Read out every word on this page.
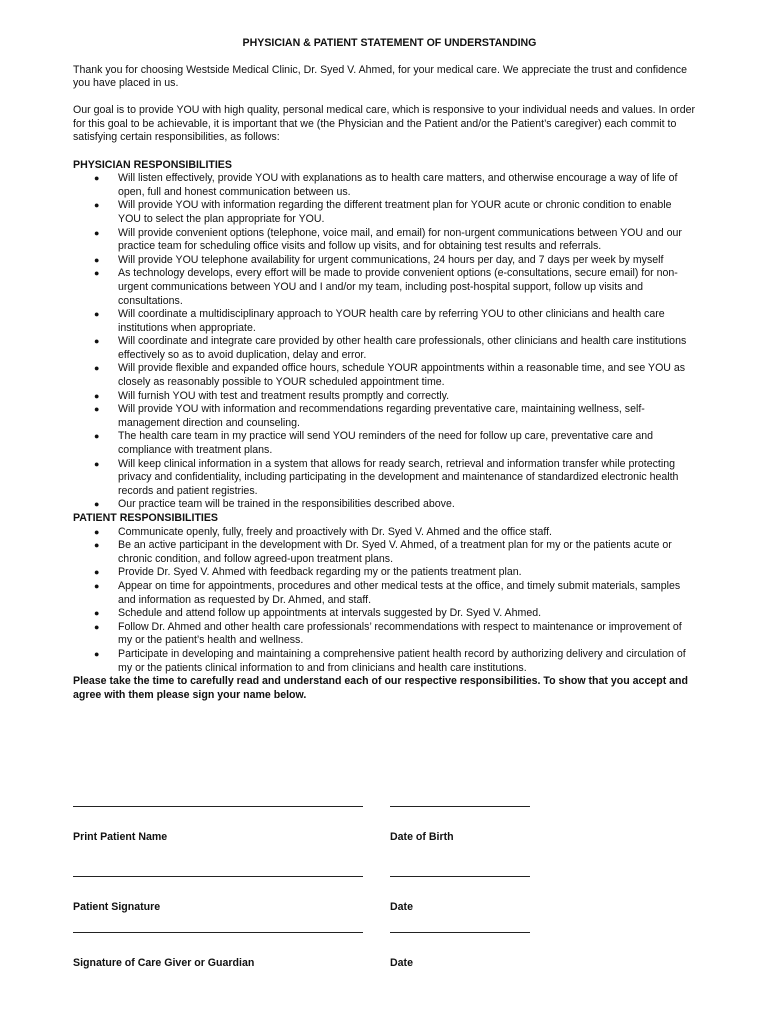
PHYSICIAN & PATIENT STATEMENT OF UNDERSTANDING

Thank you for choosing Westside Medical Clinic, Dr. Syed V. Ahmed, for your medical care. We appreciate the trust and confidence you have placed in us.

Our goal is to provide YOU with high quality, personal medical care, which is responsive to your individual needs and values. In order for this goal to be achievable, it is important that we (the Physician and the Patient and/or the Patient’s caregiver) each commit to satisfying certain responsibilities, as follows:

PHYSICIAN RESPONSIBILITIES
● Will listen effectively, provide YOU with explanations as to health care matters, and otherwise encourage a way of life of open, full and honest communication between us.
● Will provide YOU with information regarding the different treatment plan for YOUR acute or chronic condition to enable YOU to select the plan appropriate for YOU.
● Will provide convenient options (telephone, voice mail, and email) for non-urgent communications between YOU and our practice team for scheduling office visits and follow up visits, and for obtaining test results and referrals.
● Will provide YOU telephone availability for urgent communications, 24 hours per day, and 7 days per week by myself
● As technology develops, every effort will be made to provide convenient options (e-consultations, secure email) for non-urgent communications between YOU and I and/or my team, including post-hospital support, follow up visits and consultations.
● Will coordinate a multidisciplinary approach to YOUR health care by referring YOU to other clinicians and health care institutions when appropriate.
● Will coordinate and integrate care provided by other health care professionals, other clinicians and health care institutions effectively so as to avoid duplication, delay and error.
● Will provide flexible and expanded office hours, schedule YOUR appointments within a reasonable time, and see YOU as closely as reasonably possible to YOUR scheduled appointment time.
● Will furnish YOU with test and treatment results promptly and correctly.
● Will provide YOU with information and recommendations regarding preventative care, maintaining wellness, self-management direction and counseling.
● The health care team in my practice will send YOU reminders of the need for follow up care, preventative care and compliance with treatment plans.
● Will keep clinical information in a system that allows for ready search, retrieval and information transfer while protecting privacy and confidentiality, including participating in the development and maintenance of standardized electronic health records and patient registries.
● Our practice team will be trained in the responsibilities described above.
PATIENT RESPONSIBILITIES
● Communicate openly, fully, freely and proactively with Dr. Syed V. Ahmed and the office staff.
● Be an active participant in the development with Dr. Syed V. Ahmed, of a treatment plan for my or the patients acute or chronic condition, and follow agreed-upon treatment plans.
● Provide Dr. Syed V. Ahmed with feedback regarding my or the patients treatment plan.
● Appear on time for appointments, procedures and other medical tests at the office, and timely submit materials, samples and information as requested by Dr. Ahmed, and staff.
● Schedule and attend follow up appointments at intervals suggested by Dr. Syed V. Ahmed.
● Follow Dr. Ahmed and other health care professionals’ recommendations with respect to maintenance or improvement of my or the patient’s health and wellness.
● Participate in developing and maintaining a comprehensive patient health record by authorizing delivery and circulation of my or the patients clinical information to and from clinicians and health care institutions.
Please take the time to carefully read and understand each of our respective responsibilities. To show that you accept and agree with them please sign your name below.
Print Patient Name	Date of Birth
Patient Signature	Date
Signature of Care Giver or Guardian	Date
